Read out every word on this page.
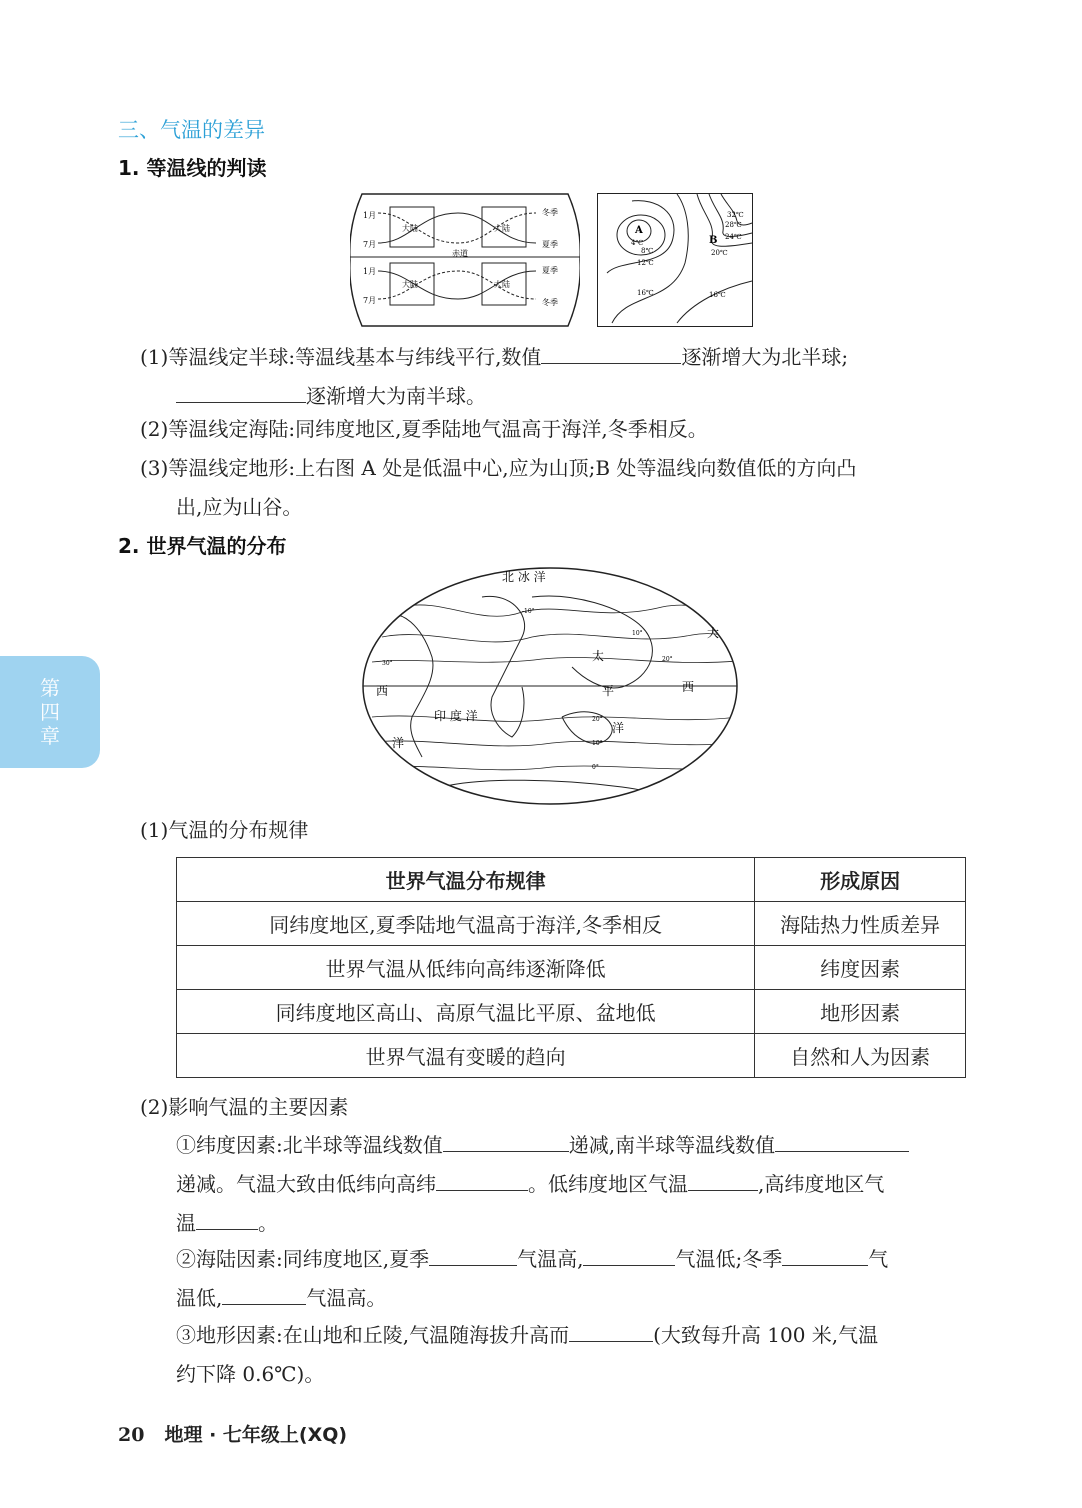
三、气温的差异
1. 等温线的判读
1月
7月
1月
7月
大陆	大陆
大陆	大陆
冬季
夏季
夏季
冬季
赤道
A
B
4℃
8℃
12℃
16℃
32℃
28℃
24℃
20℃
16℃
(1)等温线定半球:等温线基本与纬线平行,数值	逐渐增大为北半球;
逐渐增大为南半球。
(2)等温线定海陆:同纬度地区,夏季陆地气温高于海洋,冬季相反。
(3)等温线定地形:上右图 A 处是低温中心,应为山顶;B 处等温线向数值低的方向凸
出,应为山谷。
2. 世界气温的分布
北 冰 洋
大
西
洋
太
平
洋
印 度 洋
西
-10°
10°
20°
30°
20°
10°
0°
第
四
章
(1)气温的分布规律
世界气温分布规律	形成原因
同纬度地区,夏季陆地气温高于海洋,冬季相反	海陆热力性质差异
世界气温从低纬向高纬逐渐降低	纬度因素
同纬度地区高山、高原气温比平原、盆地低	地形因素
世界气温有变暖的趋向	自然和人为因素
(2)影响气温的主要因素
①纬度因素:北半球等温线数值	递减,南半球等温线数值
递减。气温大致由低纬向高纬	。低纬度地区气温	,高纬度地区气
温	。
②海陆因素:同纬度地区,夏季	气温高,	气温低;冬季	气
温低,	气温高。
③地形因素:在山地和丘陵,气温随海拔升高而	(大致每升高 100 米,气温
约下降 0.6℃)。
20 地理 · 七年级上(XQ)
